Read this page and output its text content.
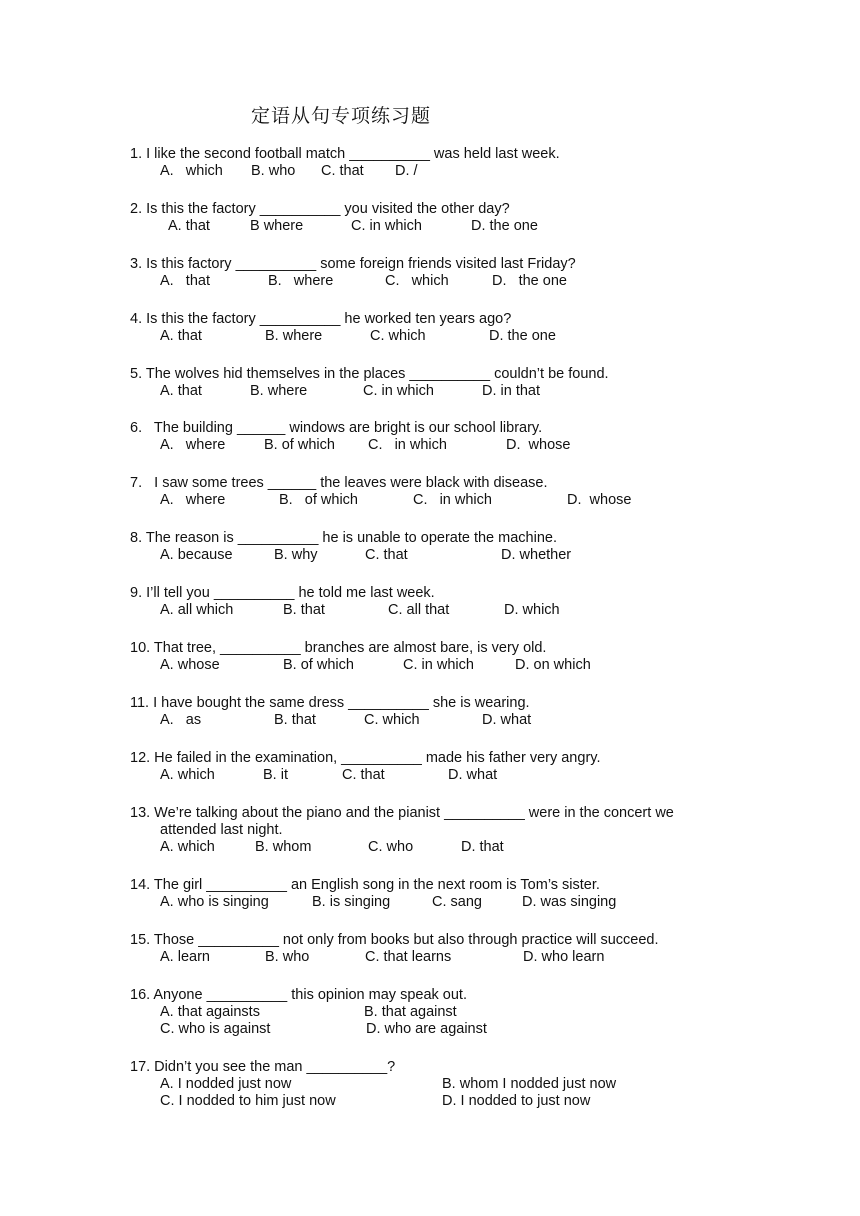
定语从句专项练习题
1. I like the second football match __________ was held last week.
A.   which B. who C. that D. /
2. Is this the factory __________ you visited the other day?
A. that	B where	C. in which	D. the one
3. Is this factory __________ some foreign friends visited last Friday?
A.   that	B.   where	C.   which	D.   the one
4. Is this the factory __________ he worked ten years ago?
A. that	B. where	C. which	D. the one
5. The wolves hid themselves in the places __________ couldn’t be found.
A. that	B. where	C. in which	D. in that
6.   The building ______ windows are bright is our school library.
A.   where	B. of which C.   in which	D.  whose
7.   I saw some trees ______ the leaves were black with disease.
A.   where	B.   of which	C.   in which	D.  whose
8. The reason is __________ he is unable to operate the machine.
A. because	B. why	C. that	D. whether
9. I’ll tell you __________ he told me last week.
A. all which	B. that	C. all that	D. which
10. That tree, __________ branches are almost bare, is very old.
A. whose	B. of which	C. in which	D. on which
11. I have bought the same dress __________ she is wearing.
A.   as	B. that	C. which	D. what
12. He failed in the examination, __________ made his father very angry.
A. which	B. it	C. that	D. what
13. We’re talking about the piano and the pianist __________ were in the concert we
attended last night.
A. which	B. whom	C. who	D. that
14. The girl __________ an English song in the next room is Tom’s sister.
A. who is singing	B. is singing	C. sang	D. was singing
15. Those __________ not only from books but also through practice will succeed.
A. learn	B. who	C. that learns	D. who learn
16. Anyone __________ this opinion may speak out.
A. that againsts	B. that against
C. who is against	D. who are against
17. Didn’t you see the man __________?
A. I nodded just now	B. whom I nodded just now
C. I nodded to him just now	D. I nodded to just now
